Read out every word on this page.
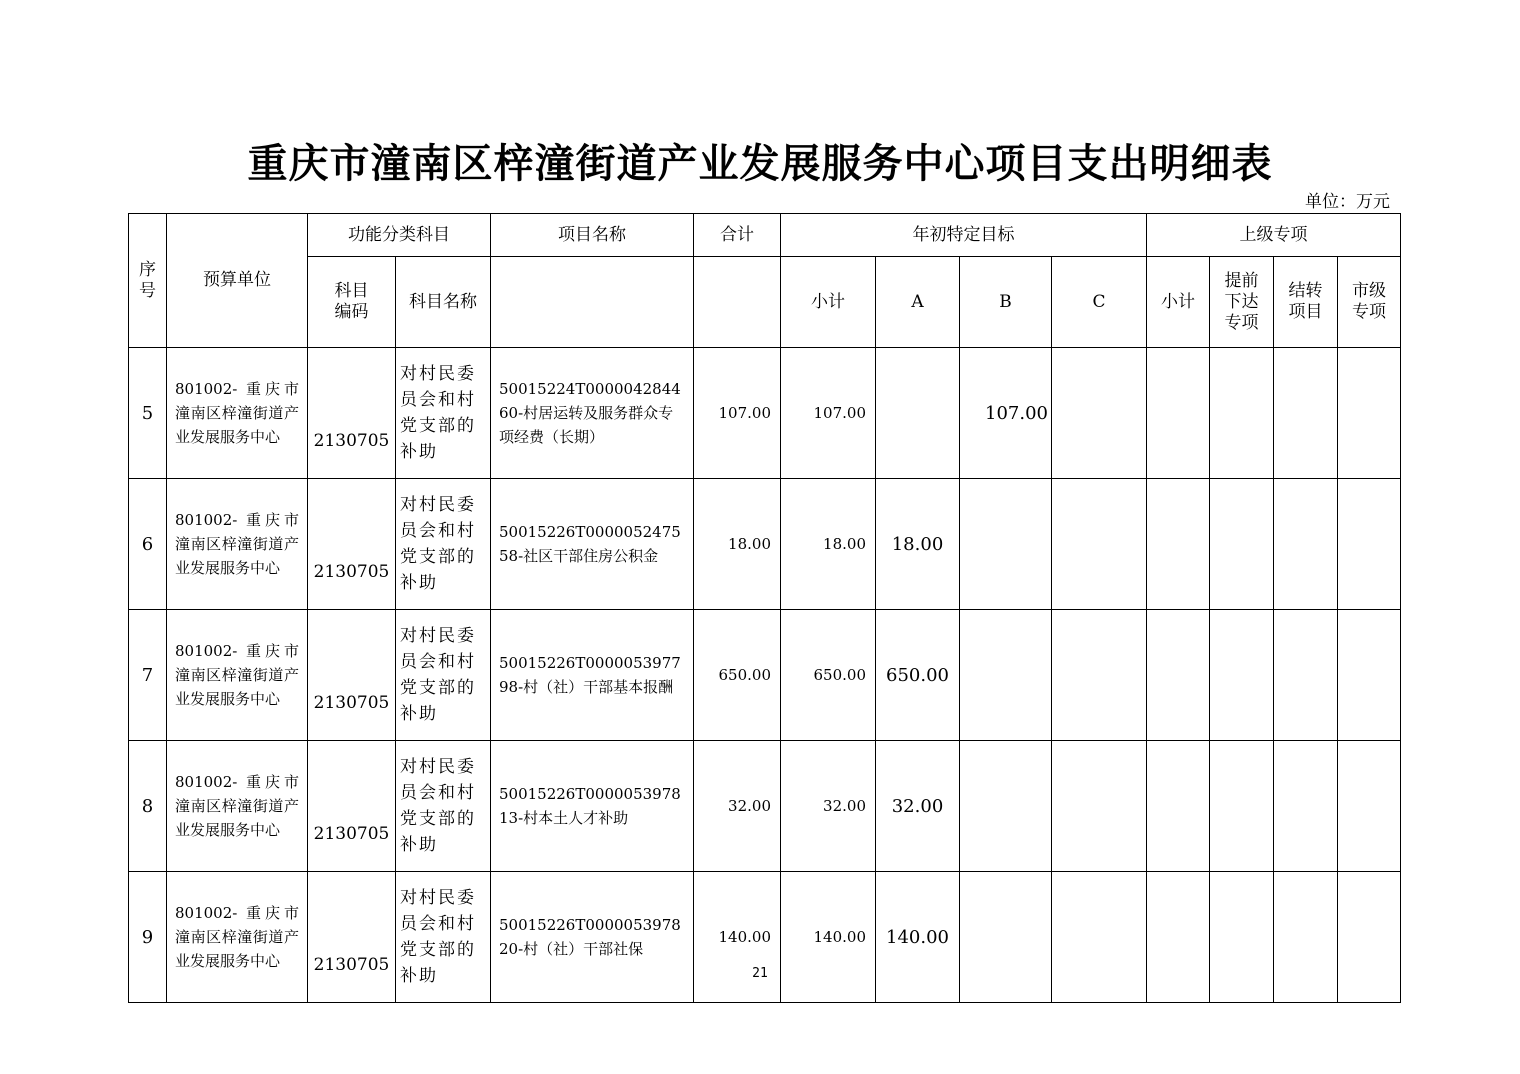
重庆市潼南区梓潼街道产业发展服务中心项目支出明细表
单位：万元
序号	预算单位	功能分类科目		项目名称	合计	年初特定目标				上级专项			
		科目编码	科目名称			小计	A	B	C	小计	提前下达专项	结转项目	市级专项
5	801002- 重庆市潼南区梓潼街道产业发展服务中心	2130705	对村民委员会和村党支部的补助	50015224T000004284460-村居运转及服务群众专项经费（长期）	107.00	107.00		107.00					
6	801002- 重庆市潼南区梓潼街道产业发展服务中心	2130705	对村民委员会和村党支部的补助	50015226T000005247558-社区干部住房公积金	18.00	18.00	18.00						
7	801002- 重庆市潼南区梓潼街道产业发展服务中心	2130705	对村民委员会和村党支部的补助	50015226T000005397798-村（社）干部基本报酬	650.00	650.00	650.00						
8	801002- 重庆市潼南区梓潼街道产业发展服务中心	2130705	对村民委员会和村党支部的补助	50015226T000005397813-村本土人才补助	32.00	32.00	32.00						
9	801002- 重庆市潼南区梓潼街道产业发展服务中心	2130705	对村民委员会和村党支部的补助	50015226T000005397820-村（社）干部社保	140.00	140.00	140.00						
21
